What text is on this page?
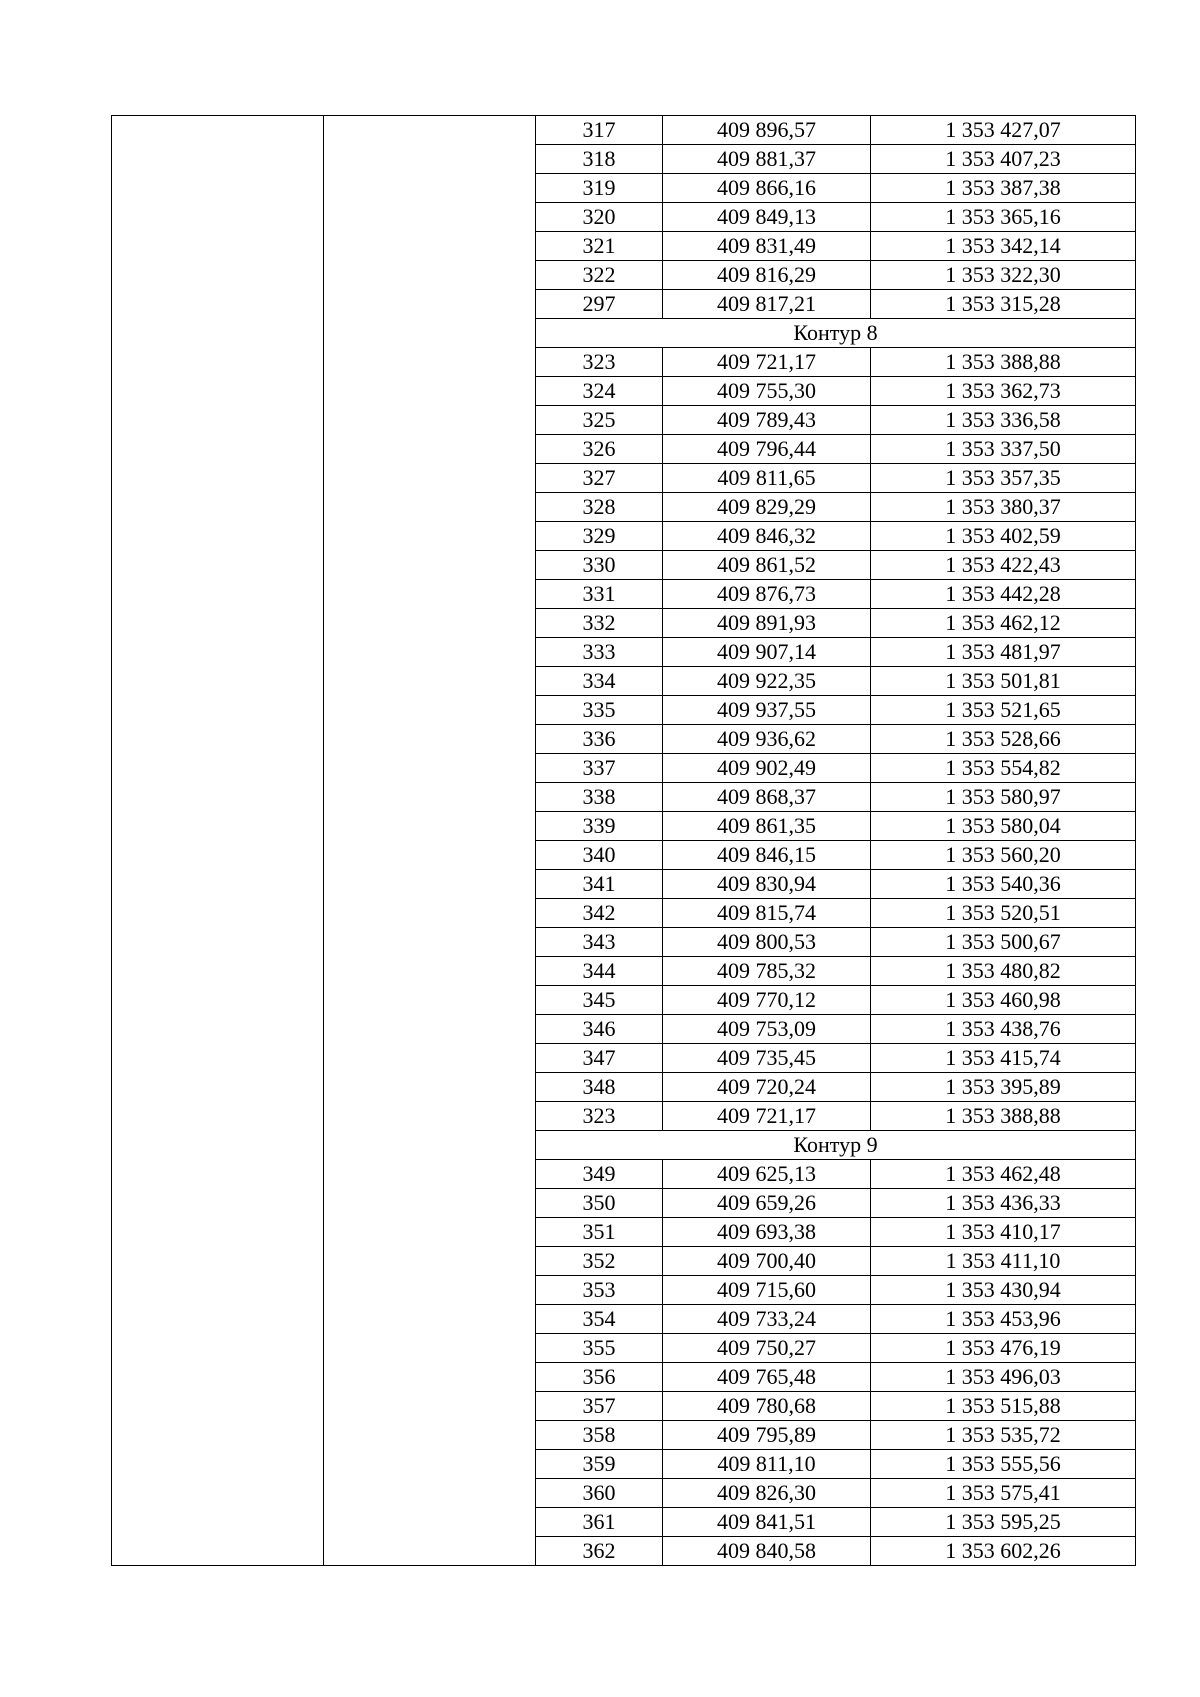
		317	409 896,57	1 353 427,07
		318	409 881,37	1 353 407,23
		319	409 866,16	1 353 387,38
		320	409 849,13	1 353 365,16
		321	409 831,49	1 353 342,14
		322	409 816,29	1 353 322,30
		297	409 817,21	1 353 315,28
		Контур 8		
		323	409 721,17	1 353 388,88
		324	409 755,30	1 353 362,73
		325	409 789,43	1 353 336,58
		326	409 796,44	1 353 337,50
		327	409 811,65	1 353 357,35
		328	409 829,29	1 353 380,37
		329	409 846,32	1 353 402,59
		330	409 861,52	1 353 422,43
		331	409 876,73	1 353 442,28
		332	409 891,93	1 353 462,12
		333	409 907,14	1 353 481,97
		334	409 922,35	1 353 501,81
		335	409 937,55	1 353 521,65
		336	409 936,62	1 353 528,66
		337	409 902,49	1 353 554,82
		338	409 868,37	1 353 580,97
		339	409 861,35	1 353 580,04
		340	409 846,15	1 353 560,20
		341	409 830,94	1 353 540,36
		342	409 815,74	1 353 520,51
		343	409 800,53	1 353 500,67
		344	409 785,32	1 353 480,82
		345	409 770,12	1 353 460,98
		346	409 753,09	1 353 438,76
		347	409 735,45	1 353 415,74
		348	409 720,24	1 353 395,89
		323	409 721,17	1 353 388,88
		Контур 9		
		349	409 625,13	1 353 462,48
		350	409 659,26	1 353 436,33
		351	409 693,38	1 353 410,17
		352	409 700,40	1 353 411,10
		353	409 715,60	1 353 430,94
		354	409 733,24	1 353 453,96
		355	409 750,27	1 353 476,19
		356	409 765,48	1 353 496,03
		357	409 780,68	1 353 515,88
		358	409 795,89	1 353 535,72
		359	409 811,10	1 353 555,56
		360	409 826,30	1 353 575,41
		361	409 841,51	1 353 595,25
		362	409 840,58	1 353 602,26
